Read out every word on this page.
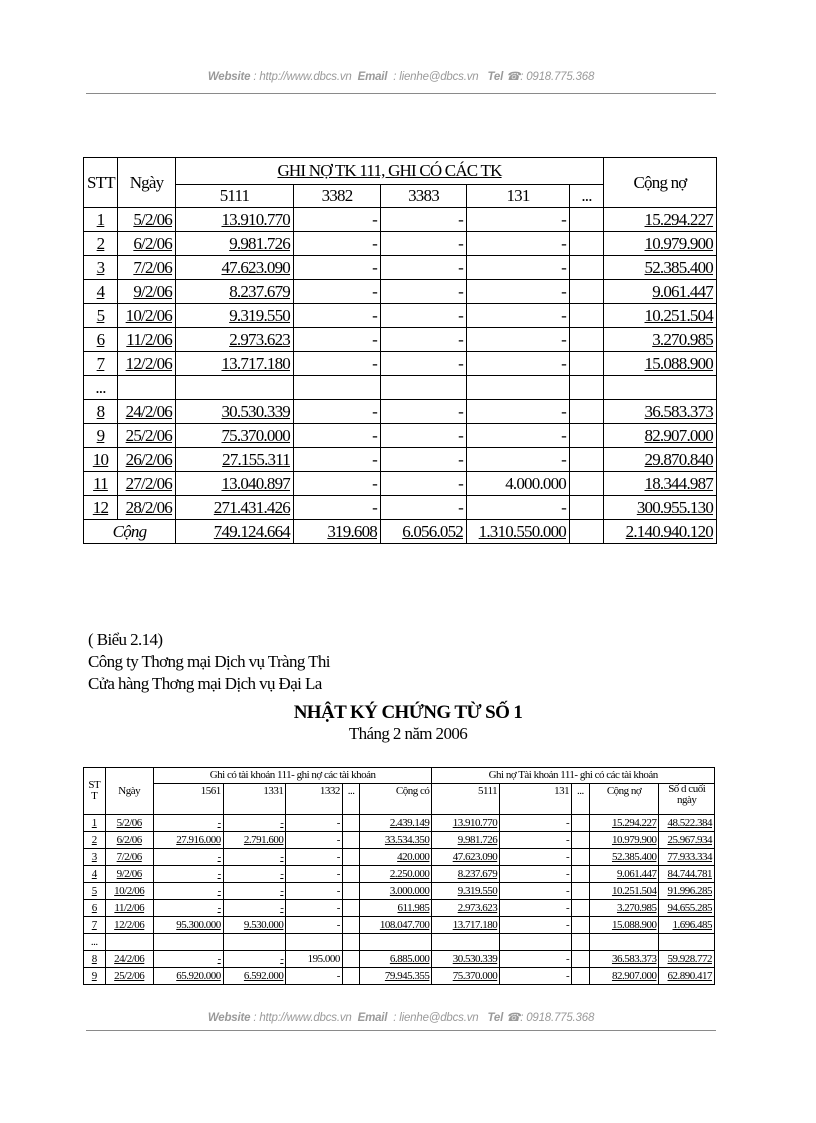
Website : http://www.dbcs.vn Email : lienhe@dbcs.vn Tel ☎: 0918.775.368
STT	Ngày	GHI NỢ TK 111, GHI CÓ CÁC TK					Cộng nợ
		5111	3382	3383	131	...	
1	5/2/06	13.910.770	-	-	-		15.294.227
2	6/2/06	9.981.726	-	-	-		10.979.900
3	7/2/06	47.623.090	-	-	-		52.385.400
4	9/2/06	8.237.679	-	-	-		9.061.447
5	10/2/06	9.319.550	-	-	-		10.251.504
6	11/2/06	2.973.623	-	-	-		3.270.985
7	12/2/06	13.717.180	-	-	-		15.088.900
...							
8	24/2/06	30.530.339	-	-	-		36.583.373
9	25/2/06	75.370.000	-	-	-		82.907.000
10	26/2/06	27.155.311	-	-	-		29.870.840
11	27/2/06	13.040.897	-	-	4.000.000		18.344.987
12	28/2/06	271.431.426	-	-	-		300.955.130
Cộng		749.124.664	319.608	6.056.052	1.310.550.000		2.140.940.120
( Biểu 2.14)
Công ty Thơng mại Dịch vụ Tràng Thi
Cửa hàng Thơng mại Dịch vụ Đại La
NHẬT KÝ CHỨNG TỪ SỐ 1
Tháng 2 năm 2006
ST T	Ngày	Ghi có tài khoản 111- ghi nợ các tài khoản					Ghi nợ Tài khoản 111- ghi có các tài khoản				
		1561	1331	1332	...	Cộng có	5111	131	...	Cộng nợ	Số d cuối ngày
1	5/2/06	-	-	-		2.439.149	13.910.770	-		15.294.227	48.522.384
2	6/2/06	27.916.000	2.791.600	-		33.534.350	9.981.726	-		10.979.900	25.967.934
3	7/2/06	-	-	-		420.000	47.623.090	-		52.385.400	77.933.334
4	9/2/06	-	-	-		2.250.000	8.237.679	-		9.061.447	84.744.781
5	10/2/06	-	-	-		3.000.000	9.319.550	-		10.251.504	91.996.285
6	11/2/06	-	-	-		611.985	2.973.623	-		3.270.985	94.655.285
7	12/2/06	95.300.000	9.530.000	-		108.047.700	13.717.180	-		15.088.900	1.696.485
...											
8	24/2/06	-	-	195.000		6.885.000	30.530.339	-		36.583.373	59.928.772
9	25/2/06	65.920.000	6.592.000	-		79.945.355	75.370.000	-		82.907.000	62.890.417
Website : http://www.dbcs.vn Email : lienhe@dbcs.vn Tel ☎: 0918.775.368
